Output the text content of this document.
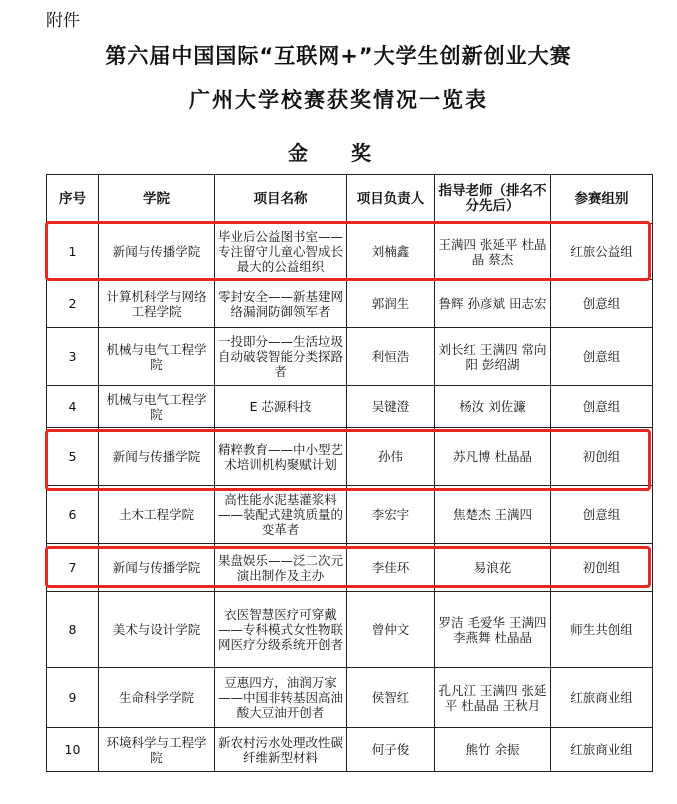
附件
第六届中国国际“互联网+”大学生创新创业大赛
广州大学校赛获奖情况一览表
金 奖
序号	学院	项目名称	项目负责人	指导老师（排名不分先后）	参赛组别
1	新闻与传播学院	毕业后公益图书室——专注留守儿童心智成长最大的公益组织	刘楠鑫	王满四 张延平 杜晶晶 蔡杰	红旅公益组
2	计算机科学与网络工程学院	零封安全——新基建网络漏洞防御领军者	郭润生	鲁辉 孙彦斌 田志宏	创意组
3	机械与电气工程学院	一投即分——生活垃圾自动破袋智能分类探路者	利恒浩	刘长红 王满四 常向阳 彭绍湖	创意组
4	机械与电气工程学院	E 芯源科技	吴键澄	杨汝 刘佐濂	创意组
5	新闻与传播学院	精粹教育——中小型艺术培训机构聚赋计划	孙伟	苏凡博 杜晶晶	初创组
6	土木工程学院	高性能水泥基灌浆料——装配式建筑质量的变革者	李宏宇	焦楚杰 王满四	创意组
7	新闻与传播学院	果盘娱乐——泛二次元演出制作及主办	李佳环	易浪花	初创组
8	美术与设计学院	衣医智慧医疗可穿戴——专科模式女性物联网医疗分级系统开创者	曾仲文	罗洁 毛爱华 王满四 李燕舞 杜晶晶	师生共创组
9	生命科学学院	豆惠四方，油润万家——中国非转基因高油酸大豆油开创者	侯智红	孔凡江 王满四 张延平 杜晶晶 王秋月	红旅商业组
10	环境科学与工程学院	新农村污水处理改性碳纤维新型材料	何子俊	熊竹 余振	红旅商业组
